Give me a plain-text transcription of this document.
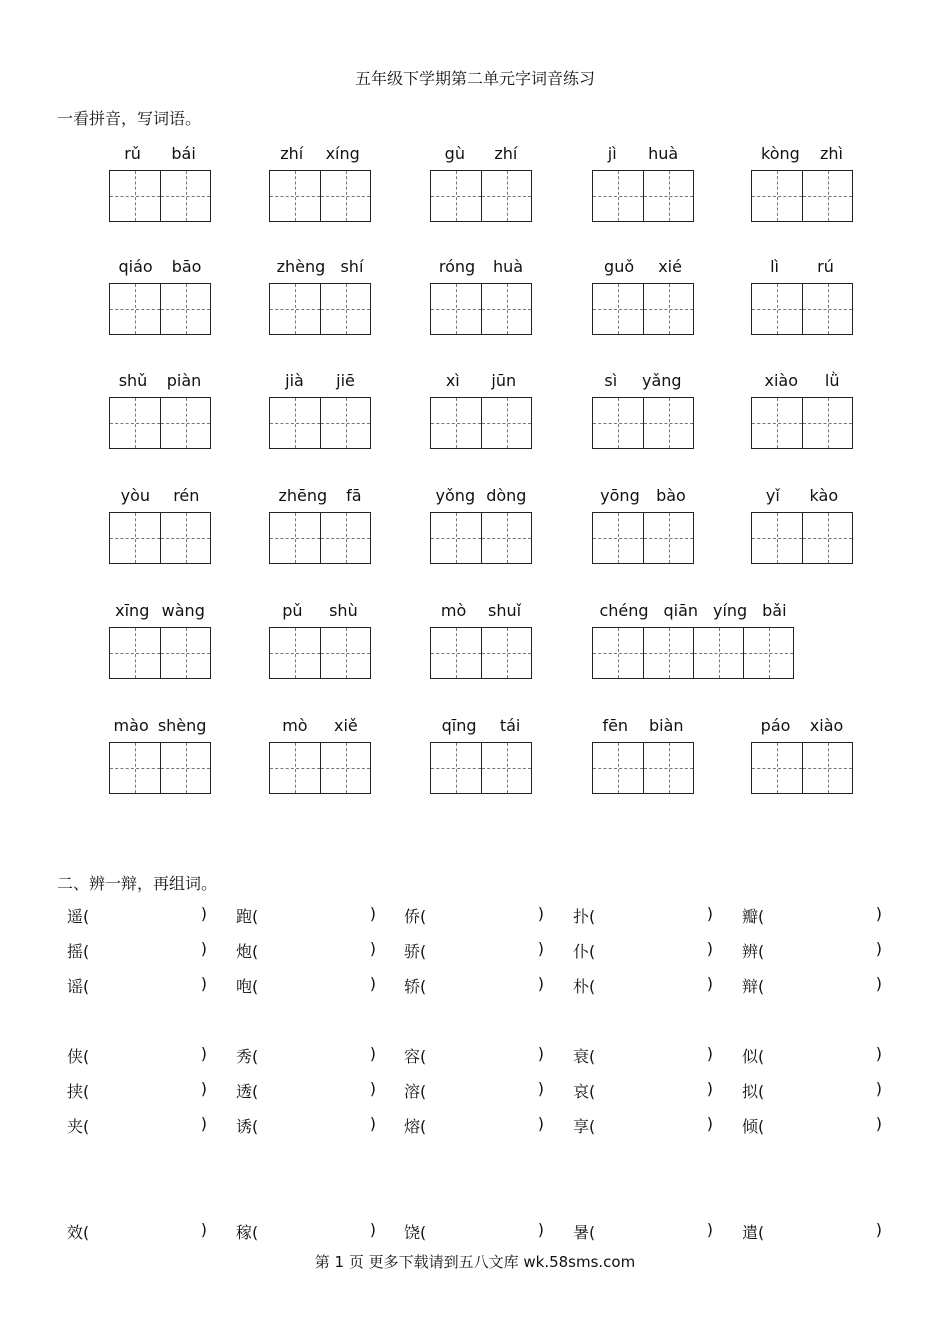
五年级下学期第二单元字词音练习
一看拼音，写词语。
rǔ bái	zhí xíng	gù zhí	jì huà	kòng zhì
qiáo bāo	zhèng shí	róng huà	guǒ xié	lì rú
shǔ piàn	jià jiē	xì jūn	sì yǎng	xiào lǜ
yòu rén	zhēng fā	yǒng dòng	yōng bào	yǐ kào
xīng wàng	pǔ shù	mò shuǐ	chéng qiān yíng bǎi
mào shèng	mò xiě	qīng tái	fēn biàn	páo xiào
二、辨一辩，再组词。
遥(	) 跑(	) 侨(	) 扑(	) 瓣(	)
摇(	) 炮(	) 骄(	) 仆(	) 辨(	)
谣(	) 咆(	) 轿(	) 朴(	) 辩(	)
侠(	) 秀(	) 容(	) 衰(	) 似(	)
挟(	) 透(	) 溶(	) 哀(	) 拟(	)
夹(	) 诱(	) 熔(	) 享(	) 倾(	)
效(	) 稼(	) 饶(	) 暑(	) 遣(	)
第 1 页 更多下载请到五八文库 wk.58sms.com
